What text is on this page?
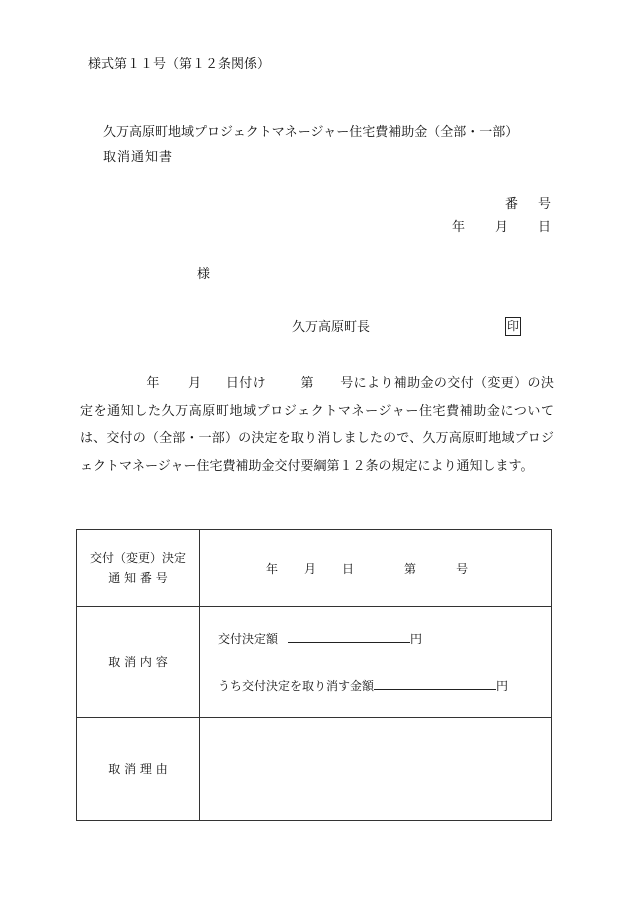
様式第１１号（第１２条関係）
久万高原町地域プロジェクトマネージャー住宅費補助金（全部・一部）
取消通知書
番 号
年 月 日
様
久万高原町長	印
年 月 日付け	第 号により補助金の交付（変更）の決定を通知した久万高原町地域プロジェクトマネージャー住宅費補助金については、交付の（全部・一部）の決定を取り消しましたので、久万高原町地域プロジェクトマネージャー住宅費補助金交付要綱第１２条の規定により通知します。
交付（変更）決定
通 知 番 号	年 月 日 第 号
取 消 内 容	交付決定額 円
うち交付決定を取り消す金額 円

取 消 理 由	
